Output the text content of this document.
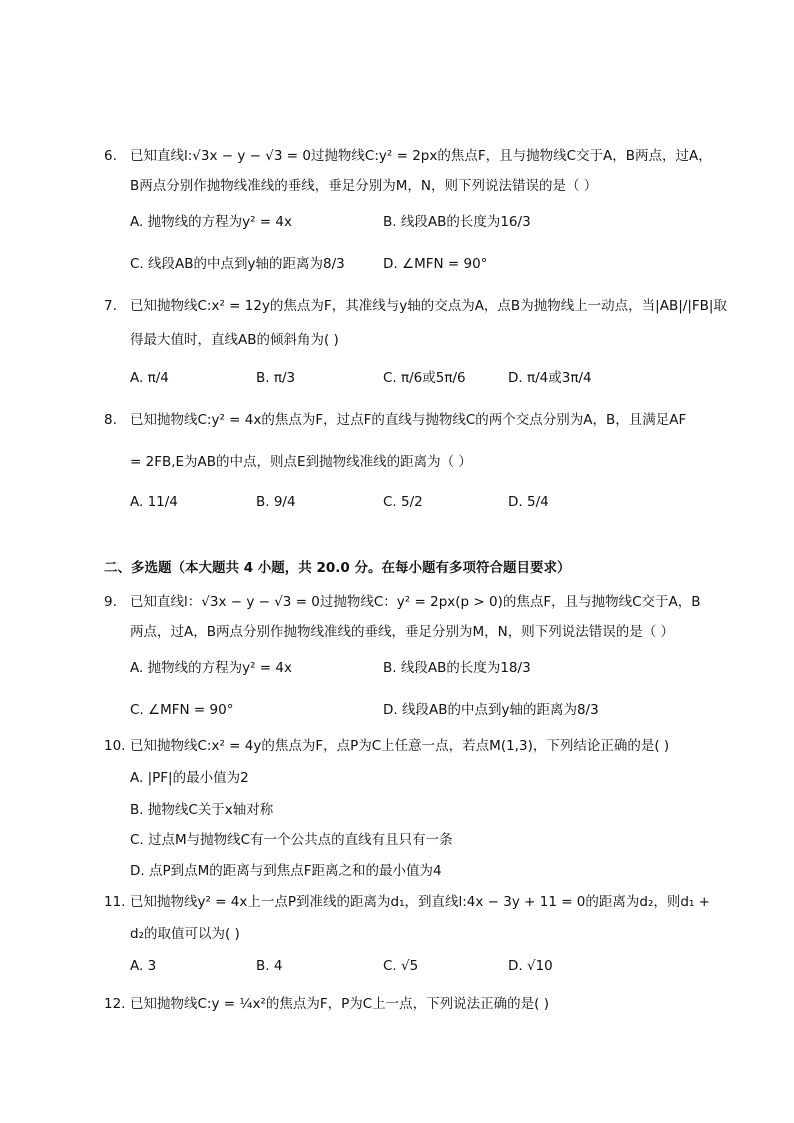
6. 已知直线l:√3x − y − √3 = 0过抛物线C:y² = 2px的焦点F，且与抛物线C交于A，B两点，过A，
B两点分别作抛物线准线的垂线，垂足分别为M，N，则下列说法错误的是（ ）
A. 抛物线的方程为y² = 4x	B. 线段AB的长度为16/3
C. 线段AB的中点到y轴的距离为8/3	D. ∠MFN = 90°
7. 已知抛物线C:x² = 12y的焦点为F，其准线与y轴的交点为A，点B为抛物线上一动点，当|AB|/|FB|取
得最大值时，直线AB的倾斜角为( )
A. π/4	B. π/3	C. π/6或5π/6	D. π/4或3π/4
8. 已知抛物线C:y² = 4x的焦点为F，过点F的直线与抛物线C的两个交点分别为A，B，且满足AF
= 2FB,E为AB的中点，则点E到抛物线准线的距离为（ ）
A. 11/4	B. 9/4	C. 5/2	D. 5/4
二、多选题（本大题共 4 小题，共 20.0 分。在每小题有多项符合题目要求）
9. 已知直线l：√3x − y − √3 = 0过抛物线C：y² = 2px(p > 0)的焦点F，且与抛物线C交于A，B
两点，过A，B两点分别作抛物线准线的垂线，垂足分别为M，N，则下列说法错误的是（ ）
A. 抛物线的方程为y² = 4x	B. 线段AB的长度为18/3
C. ∠MFN = 90°	D. 线段AB的中点到y轴的距离为8/3
10. 已知抛物线C:x² = 4y的焦点为F，点P为C上任意一点，若点M(1,3)，下列结论正确的是( )
A. |PF|的最小值为2
B. 抛物线C关于x轴对称
C. 过点M与抛物线C有一个公共点的直线有且只有一条
D. 点P到点M的距离与到焦点F距离之和的最小值为4
11. 已知抛物线y² = 4x上一点P到准线的距离为d₁，到直线l:4x − 3y + 11 = 0的距离为d₂，则d₁ +
d₂的取值可以为( )
A. 3	B. 4	C. √5	D. √10
12. 已知抛物线C:y = ¼x²的焦点为F，P为C上一点，下列说法正确的是( )
